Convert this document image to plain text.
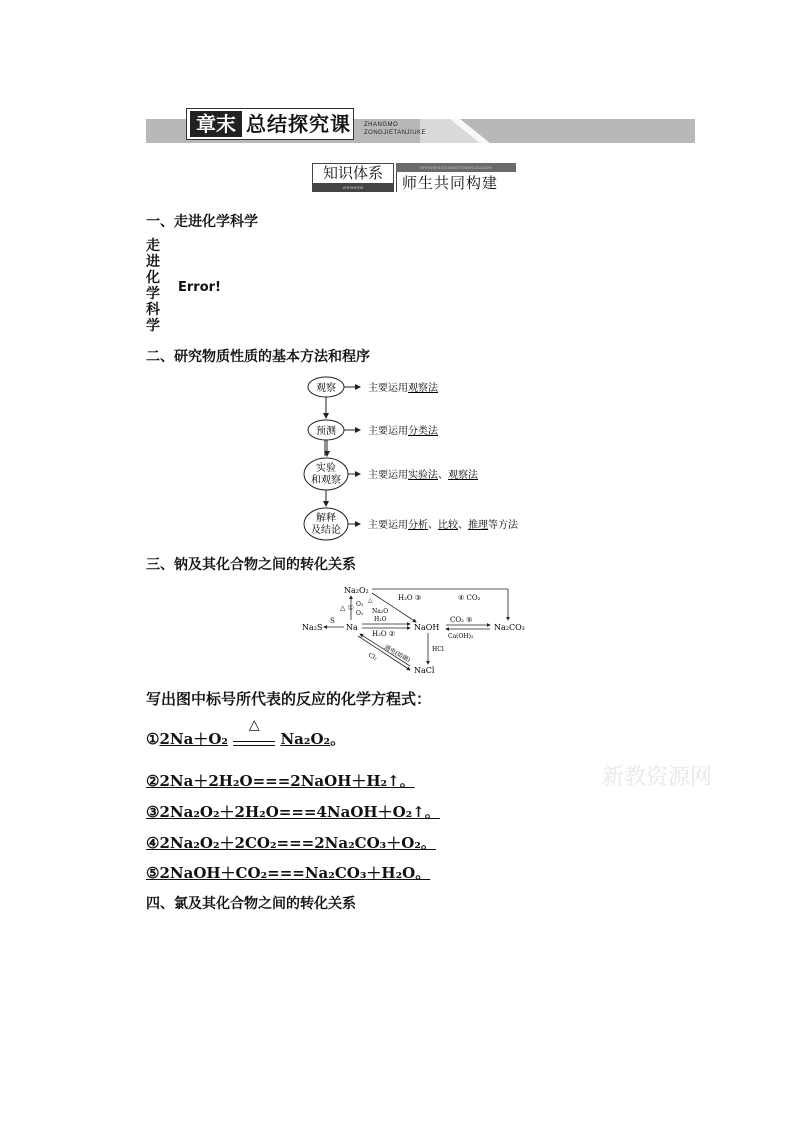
章末 总结探究课 ZHANGMO
ZONGJIETANJIUKE
知识体系
ZHISHITIXI
SHISHENGGONGTONGGOUJIAN
师生共同构建
一、走进化学科学
走
进
化
学
科
学
Error!
二、研究物质性质的基本方法和程序
观察
预测
实验
和观察
解释
及结论
主要运用观察法
主要运用分类法
主要运用实验法、观察法
主要运用分析、比较、推理等方法
三、钠及其化合物之间的转化关系
Na₂O₂
Na	NaOH	Na₂CO₃
Na₂S
NaCl
H₂O ③	④ CO₂
△ ① O₂
△
O₂ Na₂O
H₂O
H₂O ②
S	CO₂ ⑤
Ca(OH)₂
HCl
通电(熔融)
Cl₂
写出图中标号所代表的反应的化学方程式：
①2Na＋O₂
△
Na₂O₂。
②2Na＋2H₂O===2NaOH＋H₂↑。
③2Na₂O₂＋2H₂O===4NaOH＋O₂↑。
④2Na₂O₂＋2CO₂===2Na₂CO₃＋O₂。
⑤2NaOH＋CO₂===Na₂CO₃＋H₂O。
四、氯及其化合物之间的转化关系
新教资源网
